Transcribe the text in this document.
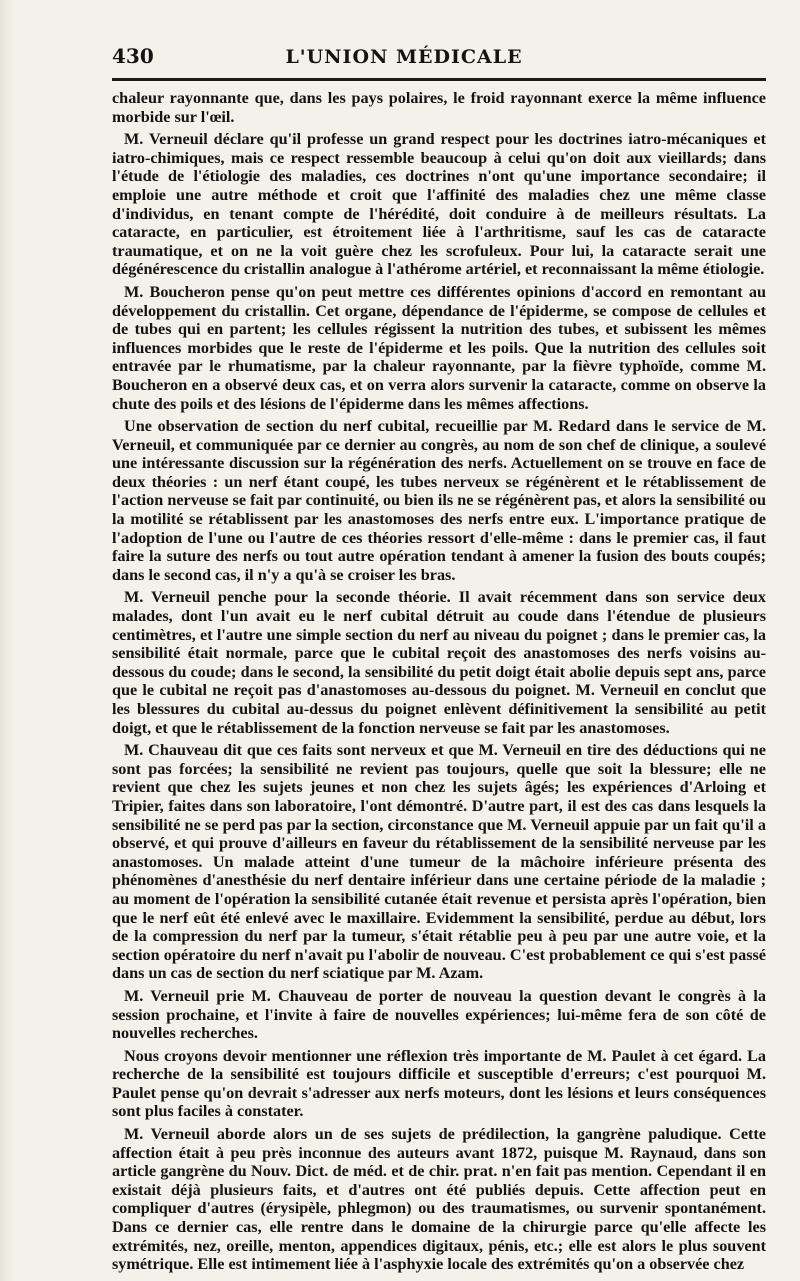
430	L'UNION MÉDICALE

chaleur rayonnante que, dans les pays polaires, le froid rayonnant exerce la même influence morbide sur l'œil.

M. Verneuil déclare qu'il professe un grand respect pour les doctrines iatro-mécaniques et iatro-chimiques, mais ce respect ressemble beaucoup à celui qu'on doit aux vieillards; dans l'étude de l'étiologie des maladies, ces doctrines n'ont qu'une importance secondaire; il emploie une autre méthode et croit que l'affinité des maladies chez une même classe d'individus, en tenant compte de l'hérédité, doit conduire à de meilleurs résultats. La cataracte, en particulier, est étroitement liée à l'arthritisme, sauf les cas de cataracte traumatique, et on ne la voit guère chez les scrofuleux. Pour lui, la cataracte serait une dégénérescence du cristallin analogue à l'athérome artériel, et reconnaissant la même étiologie.

M. Boucheron pense qu'on peut mettre ces différentes opinions d'accord en remontant au développement du cristallin. Cet organe, dépendance de l'épiderme, se compose de cellules et de tubes qui en partent; les cellules régissent la nutrition des tubes, et subissent les mêmes influences morbides que le reste de l'épiderme et les poils. Que la nutrition des cellules soit entravée par le rhumatisme, par la chaleur rayonnante, par la fièvre typhoïde, comme M. Boucheron en a observé deux cas, et on verra alors survenir la cataracte, comme on observe la chute des poils et des lésions de l'épiderme dans les mêmes affections.

Une observation de section du nerf cubital, recueillie par M. Redard dans le service de M. Verneuil, et communiquée par ce dernier au congrès, au nom de son chef de clinique, a soulevé une intéressante discussion sur la régénération des nerfs. Actuellement on se trouve en face de deux théories : un nerf étant coupé, les tubes nerveux se régénèrent et le rétablissement de l'action nerveuse se fait par continuité, ou bien ils ne se régénèrent pas, et alors la sensibilité ou la motilité se rétablissent par les anastomoses des nerfs entre eux. L'importance pratique de l'adoption de l'une ou l'autre de ces théories ressort d'elle-même : dans le premier cas, il faut faire la suture des nerfs ou tout autre opération tendant à amener la fusion des bouts coupés; dans le second cas, il n'y a qu'à se croiser les bras.

M. Verneuil penche pour la seconde théorie. Il avait récemment dans son service deux malades, dont l'un avait eu le nerf cubital détruit au coude dans l'étendue de plusieurs centimètres, et l'autre une simple section du nerf au niveau du poignet ; dans le premier cas, la sensibilité était normale, parce que le cubital reçoit des anastomoses des nerfs voisins au-dessous du coude; dans le second, la sensibilité du petit doigt était abolie depuis sept ans, parce que le cubital ne reçoit pas d'anastomoses au-dessous du poignet. M. Verneuil en conclut que les blessures du cubital au-dessus du poignet enlèvent définitivement la sensibilité au petit doigt, et que le rétablissement de la fonction nerveuse se fait par les anastomoses.

M. Chauveau dit que ces faits sont nerveux et que M. Verneuil en tire des déductions qui ne sont pas forcées; la sensibilité ne revient pas toujours, quelle que soit la blessure; elle ne revient que chez les sujets jeunes et non chez les sujets âgés; les expériences d'Arloing et Tripier, faites dans son laboratoire, l'ont démontré. D'autre part, il est des cas dans lesquels la sensibilité ne se perd pas par la section, circonstance que M. Verneuil appuie par un fait qu'il a observé, et qui prouve d'ailleurs en faveur du rétablissement de la sensibilité nerveuse par les anastomoses. Un malade atteint d'une tumeur de la mâchoire inférieure présenta des phénomènes d'anesthésie du nerf dentaire inférieur dans une certaine période de la maladie ; au moment de l'opération la sensibilité cutanée était revenue et persista après l'opération, bien que le nerf eût été enlevé avec le maxillaire. Evidemment la sensibilité, perdue au début, lors de la compression du nerf par la tumeur, s'était rétablie peu à peu par une autre voie, et la section opératoire du nerf n'avait pu l'abolir de nouveau. C'est probablement ce qui s'est passé dans un cas de section du nerf sciatique par M. Azam.

M. Verneuil prie M. Chauveau de porter de nouveau la question devant le congrès à la session prochaine, et l'invite à faire de nouvelles expériences; lui-même fera de son côté de nouvelles recherches.

Nous croyons devoir mentionner une réflexion très importante de M. Paulet à cet égard. La recherche de la sensibilité est toujours difficile et susceptible d'erreurs; c'est pourquoi M. Paulet pense qu'on devrait s'adresser aux nerfs moteurs, dont les lésions et leurs conséquences sont plus faciles à constater.

M. Verneuil aborde alors un de ses sujets de prédilection, la gangrène paludique. Cette affection était à peu près inconnue des auteurs avant 1872, puisque M. Raynaud, dans son article gangrène du Nouv. Dict. de méd. et de chir. prat. n'en fait pas mention. Cependant il en existait déjà plusieurs faits, et d'autres ont été publiés depuis. Cette affection peut en compliquer d'autres (érysipèle, phlegmon) ou des traumatismes, ou survenir spontanément. Dans ce dernier cas, elle rentre dans le domaine de la chirurgie parce qu'elle affecte les extrémités, nez, oreille, menton, appendices digitaux, pénis, etc.; elle est alors le plus souvent symétrique. Elle est intimement liée à l'asphyxie locale des extrémités qu'on a observée chez
